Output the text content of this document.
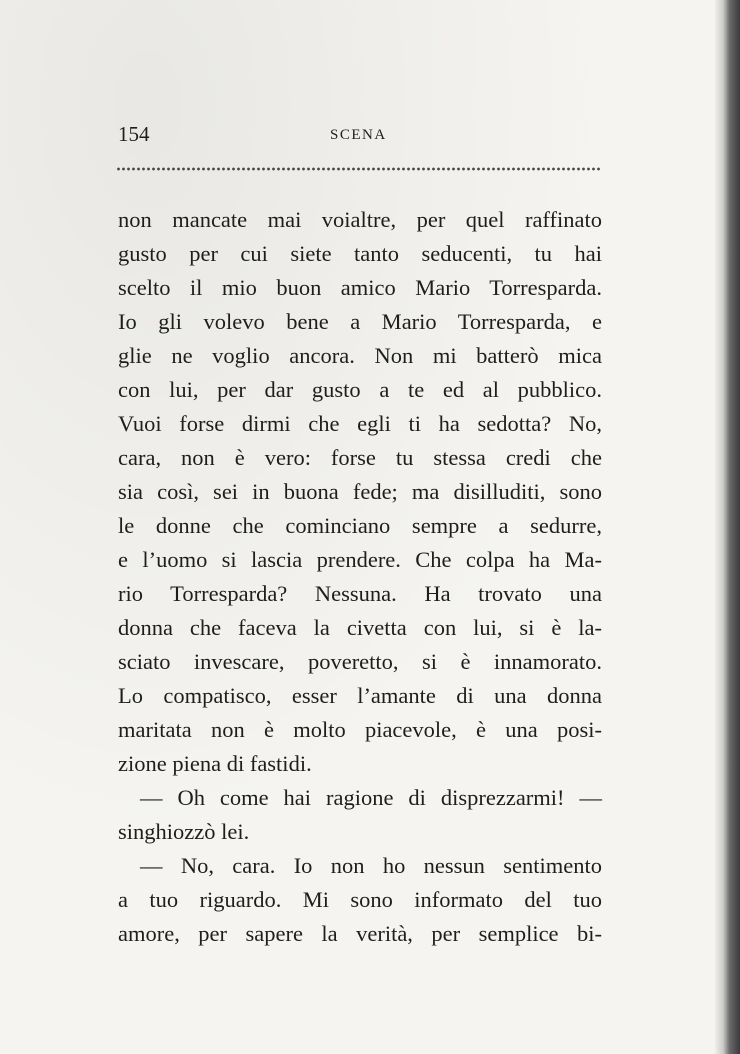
154	SCENA
non mancate mai voialtre, per quel raffinato
gusto per cui siete tanto seducenti, tu hai
scelto il mio buon amico Mario Torresparda.
Io gli volevo bene a Mario Torresparda, e
glie ne voglio ancora. Non mi batterò mica
con lui, per dar gusto a te ed al pubblico.
Vuoi forse dirmi che egli ti ha sedotta? No,
cara, non è vero: forse tu stessa credi che
sia così, sei in buona fede; ma disilluditi, sono
le donne che cominciano sempre a sedurre,
e l’uomo si lascia prendere. Che colpa ha Ma-
rio Torresparda? Nessuna. Ha trovato una
donna che faceva la civetta con lui, si è la-
sciato invescare, poveretto, si è innamorato.
Lo compatisco, esser l’amante di una donna
maritata non è molto piacevole, è una posi-
zione piena di fastidi.
— Oh come hai ragione di disprezzarmi! —
singhiozzò lei.
— No, cara. Io non ho nessun sentimento
a tuo riguardo. Mi sono informato del tuo
amore, per sapere la verità, per semplice bi-
